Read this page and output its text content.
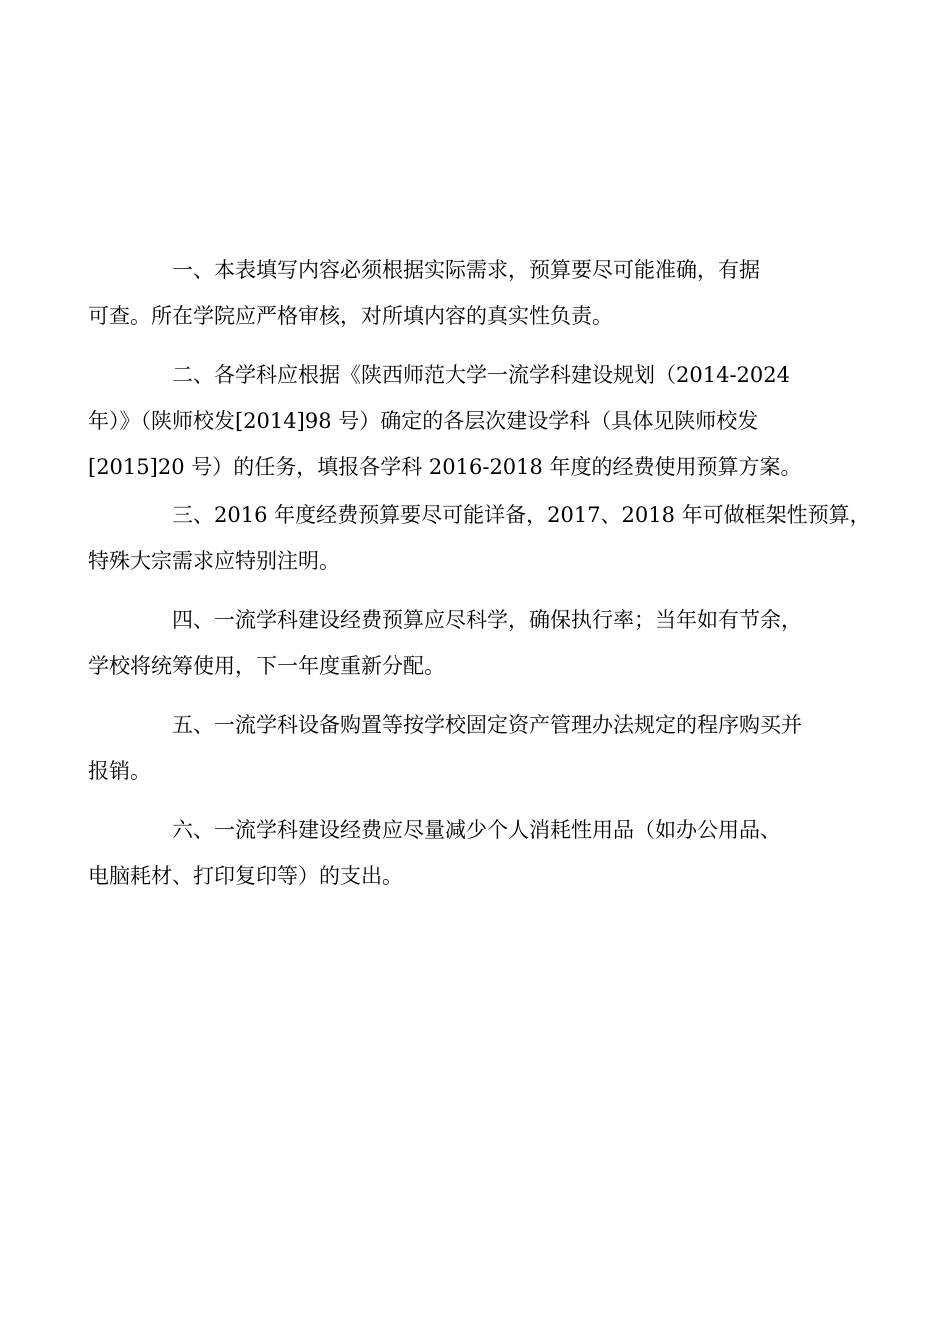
一、本表填写内容必须根据实际需求，预算要尽可能准确，有据
可查。所在学院应严格审核，对所填内容的真实性负责。

二、各学科应根据《陕西师范大学一流学科建设规划（2014-2024
年）》（陕师校发[2014]98 号）确定的各层次建设学科（具体见陕师校发
[2015]20 号）的任务，填报各学科 2016-2018 年度的经费使用预算方案。

三、2016 年度经费预算要尽可能详备，2017、2018 年可做框架性预算，
特殊大宗需求应特别注明。

四、一流学科建设经费预算应尽科学，确保执行率；当年如有节余，
学校将统筹使用，下一年度重新分配。

五、一流学科设备购置等按学校固定资产管理办法规定的程序购买并
报销。

六、一流学科建设经费应尽量减少个人消耗性用品（如办公用品、
电脑耗材、打印复印等）的支出。
